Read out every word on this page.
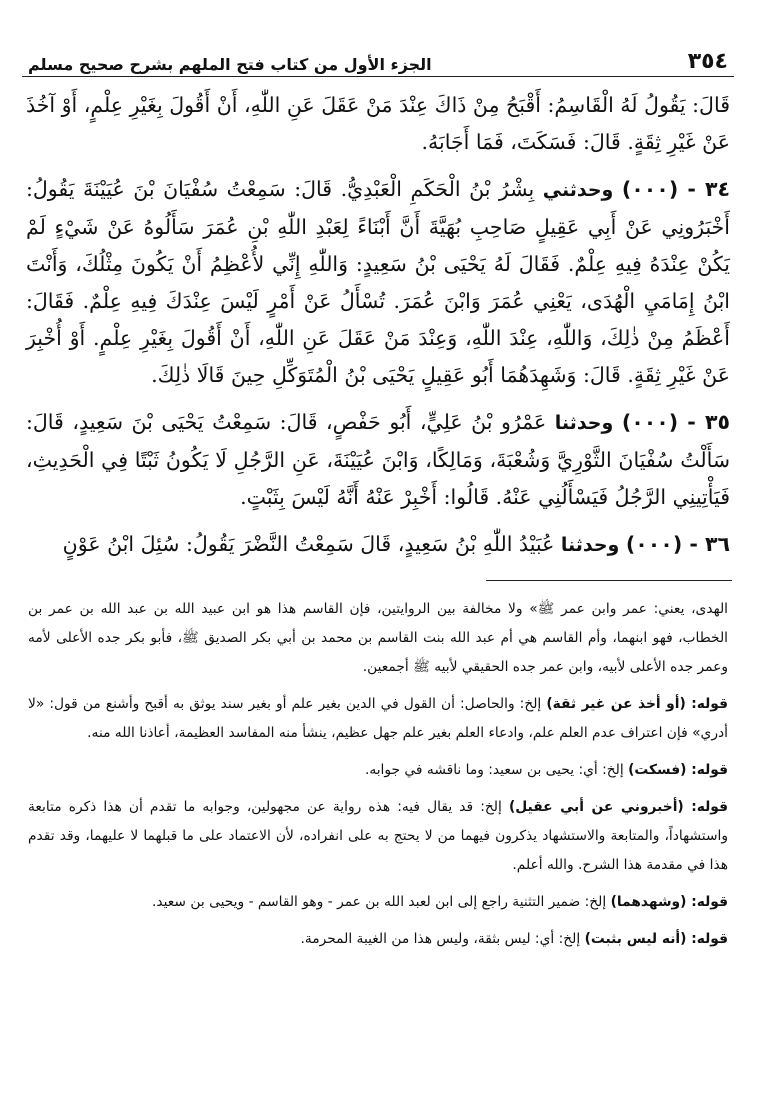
٣٥٤
الجزء الأول من كتاب فتح الملهم بشرح صحيح مسلم

قَالَ: يَقُولُ لَهُ الْقَاسِمُ: أَقْبَحُ مِنْ ذَاكَ عِنْدَ مَنْ عَقَلَ عَنِ اللّٰهِ، أَنْ أَقُولَ بِغَيْرِ عِلْمٍ، أَوْ آخُذَ عَنْ غَيْرِ ثِقَةٍ. قَالَ: فَسَكَتَ، فَمَا أَجَابَهُ.

٣٤ - (٠٠٠) وحدثني بِشْرُ بْنُ الْحَكَمِ الْعَبْدِيُّ. قَالَ: سَمِعْتُ سُفْيَانَ بْنَ عُيَيْنَةَ يَقُولُ: أَخْبَرُونِي عَنْ أَبِي عَقِيلٍ صَاحِبِ بُهَيَّةَ أَنَّ أَبْنَاءً لِعَبْدِ اللّٰهِ بْنِ عُمَرَ سَأَلُوهُ عَنْ شَيْءٍ لَمْ يَكُنْ عِنْدَهُ فِيهِ عِلْمٌ. فَقَالَ لَهُ يَحْيَى بْنُ سَعِيدٍ: وَاللّٰهِ إِنِّي لأُعْظِمُ أَنْ يَكُونَ مِثْلُكَ، وَأَنْتَ ابْنُ إِمَامَيِ الْهُدَى، يَعْنِي عُمَرَ وَابْنَ عُمَرَ. تُسْأَلُ عَنْ أَمْرٍ لَيْسَ عِنْدَكَ فِيهِ عِلْمٌ. فَقَالَ: أَعْظَمُ مِنْ ذٰلِكَ، وَاللّٰهِ، عِنْدَ اللّٰهِ، وَعِنْدَ مَنْ عَقَلَ عَنِ اللّٰهِ، أَنْ أَقُولَ بِغَيْرِ عِلْمٍ. أَوْ أُخْبِرَ عَنْ غَيْرِ ثِقَةٍ. قَالَ: وَشَهِدَهُمَا أَبُو عَقِيلٍ يَحْيَى بْنُ الْمُتَوَكِّلِ حِينَ قَالَا ذٰلِكَ.

٣٥ - (٠٠٠) وحدثنا عَمْرُو بْنُ عَلِيٍّ، أَبُو حَفْصٍ، قَالَ: سَمِعْتُ يَحْيَى بْنَ سَعِيدٍ، قَالَ: سَأَلْتُ سُفْيَانَ الثَّوْرِيَّ وَشُعْبَةَ، وَمَالِكًا، وَابْنَ عُيَيْنَةَ، عَنِ الرَّجُلِ لَا يَكُونُ ثَبْتًا فِي الْحَدِيثِ، فَيَأْتِينِي الرَّجُلُ فَيَسْأَلُنِي عَنْهُ. قَالُوا: أَخْبِرْ عَنْهُ أَنَّهُ لَيْسَ بِثَبْتٍ.

٣٦ - (٠٠٠) وحدثنا عُبَيْدُ اللّٰهِ بْنُ سَعِيدٍ، قَالَ سَمِعْتُ النَّضْرَ يَقُولُ: سُئِلَ ابْنُ عَوْنٍ

الهدى، يعني: عمر وابن عمر ﷺ» ولا مخالفة بين الروايتين، فإن القاسم هذا هو ابن عبيد الله بن عبد الله بن عمر بن الخطاب، فهو ابنهما، وأم القاسم هي أم عبد الله بنت القاسم بن محمد بن أبي بكر الصديق ﷺ، فأبو بكر جده الأعلى لأمه وعمر جده الأعلى لأبيه، وابن عمر جده الحقيقي لأبيه ﷺ أجمعين.

قوله: (أو أخذ عن غير ثقة) إلخ: والحاصل: أن القول في الدين بغير علم أو بغير سند يوثق به أقبح وأشنع من قول: «لا أدري» فإن اعتراف عدم العلم علم، وادعاء العلم بغير علم جهل عظيم، ينشأ منه المفاسد العظيمة، أعاذنا الله منه.

قوله: (فسكت) إلخ: أي: يحيى بن سعيد: وما ناقشه في جوابه.

قوله: (أخبروني عن أبي عقيل) إلخ: قد يقال فيه: هذه رواية عن مجهولين، وجوابه ما تقدم أن هذا ذكره متابعة واستشهاداً، والمتابعة والاستشهاد يذكرون فيهما من لا يحتج به على انفراده، لأن الاعتماد على ما قبلهما لا عليهما، وقد تقدم هذا في مقدمة هذا الشرح. والله أعلم.

قوله: (وشهدهما) إلخ: ضمير التثنية راجع إلى ابن لعبد الله بن عمر - وهو القاسم - ويحيى بن سعيد.

قوله: (أنه ليس بثبت) إلخ: أي: ليس بثقة، وليس هذا من الغيبة المحرمة.
